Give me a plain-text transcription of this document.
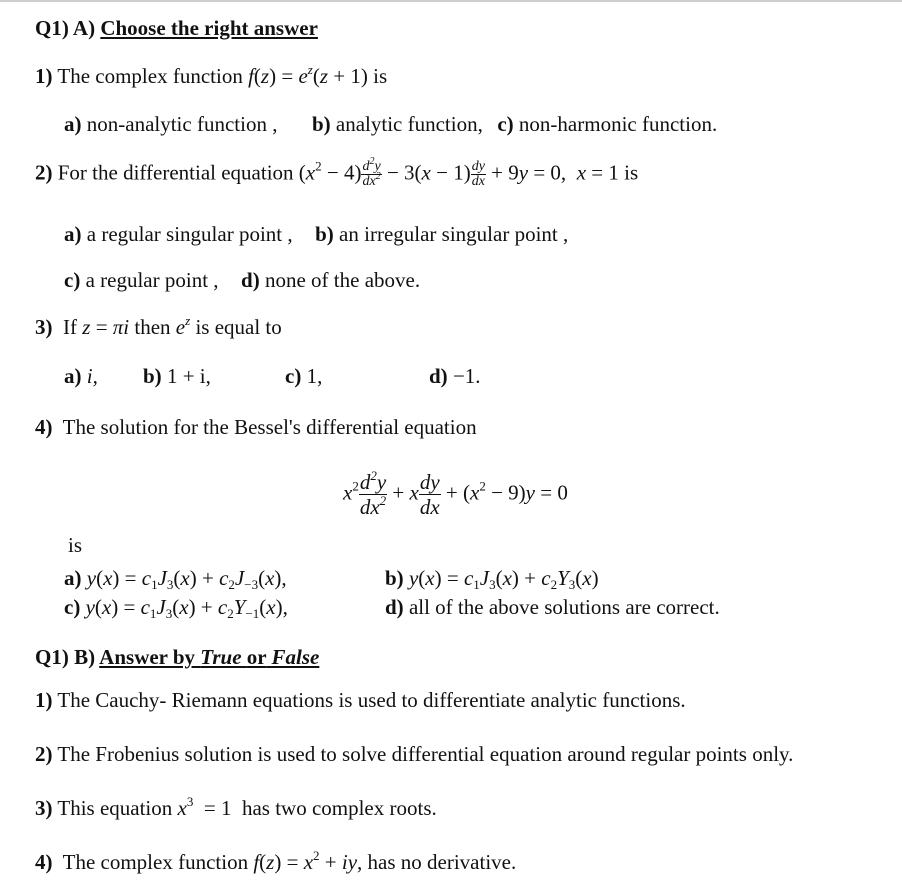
Q1) A) Choose the right answer
1) The complex function $f(z) = e^z(z + 1)$ is
a) non-analytic function , b) analytic function, c) non-harmonic function.
2) For the differential equation $(x^2 - 4) \frac{d^2y}{dx^2} - 3(x - 1) \frac{dy}{dx} + 9y = 0$,  x = 1 is
a) a regular singular point , b) an irregular singular point ,
c) a regular point , d) none of the above.
3) If z = πi then $e^z$ is equal to
a) i, b) 1 + i,	c) 1,	d) −1.
4) The solution for the Bessel's differential equation
$x^2 \frac{d^2y}{dx^2} + x \frac{dy}{dx} + (x^2 - 9)y = 0$
is
a) $y(x) = c_1J_3(x) + c_2J_{-3}(x)$,	b) $y(x) = c_1J_3(x) + c_2Y_3(x)$
c) $y(x) = c_1J_3(x) + c_2Y_{-1}(x)$,	d) all of the above solutions are correct.
Q1) B) Answer by True or False
1) The Cauchy- Riemann equations is used to differentiate analytic functions.
2) The Frobenius solution is used to solve differential equation around regular points only.
3) This equation $x^3 = 1$  has two complex roots.
4) The complex function $f(z) = x^2$ + iy, has no derivative.
